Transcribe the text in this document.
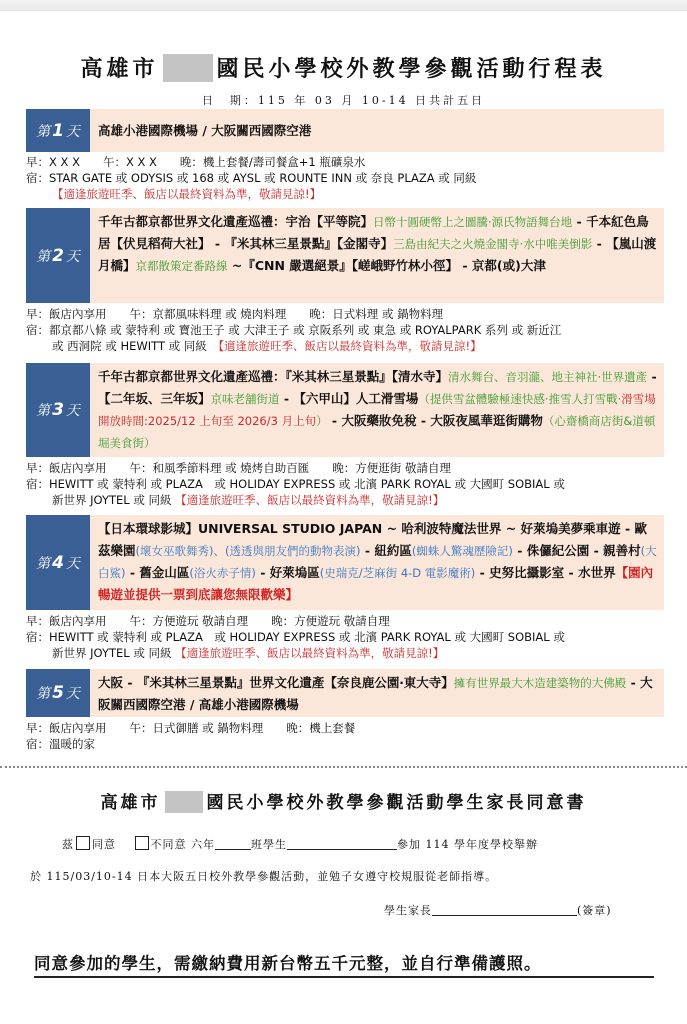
高雄市	國民小學校外教學參觀活動行程表
日　期：115 年 03 月 10-14 日共計五日
第 1 天 高雄小港國際機場 / 大阪關西國際空港
早：X X X　　午：X X X　　晚：機上套餐/壽司餐盒+1 瓶礦泉水
宿：STAR GATE 或 ODYSIS 或 168 或 AYSL 或 ROUNTE INN 或 奈良 PLAZA 或 同級
【適逢旅遊旺季、飯店以最終資料為準，敬請見諒!】
第 2 天
千年古都京都世界文化遺產巡禮：宇治【平等院】日幣十圓硬幣上之圖騰‧源氏物語舞台地 - 千本紅色鳥居【伏見稻荷大社】 - 『米其林三星景點』【金閣寺】三島由紀夫之火燒金閣寺‧水中唯美倒影 - 【嵐山渡月橋】京都散策定番路線 ~『CNN 嚴選絕景』【嵯峨野竹林小徑】 - 京都(或)大津
早：飯店內享用　　午：京都風味料理 或 燒肉料理　　晚：日式料理 或 鍋物料理
宿：都京都八條 或 蒙特利 或 寶池王子 或 大津王子 或 京阪系列 或 東急 或 ROYALPARK 系列 或 新近江
或 西洞院 或 HEWITT 或 同級　 【適逢旅遊旺季、飯店以最終資料為準，敬請見諒!】
第 3 天
千年古都京都世界文化遺產巡禮：『米其林三星景點』【清水寺】清水舞台、音羽瀧、地主神社‧世界遺產 - 【二年坂、三年坂】京味老舖街道 - 【六甲山】人工滑雪場（提供雪盆體驗極速快感‧推雪人打雪戰‧滑雪場開放時間:2025/12 上旬至 2026/3 月上旬） - 大阪藥妝免稅 - 大阪夜風華逛街購物（心齋橋商店街&道頓堀美食街）
早：飯店內享用　　午：和風季節料理 或 燒烤自助百匯　　晚：方便逛街 敬請自理
宿：HEWITT 或 蒙特利 或 PLAZA　或 HOLIDAY EXPRESS 或 北濱 PARK ROYAL 或 大國町 SOBIAL 或
新世界 JOYTEL 或 同級 【適逢旅遊旺季、飯店以最終資料為準，敬請見諒!】
第 4 天
【日本環球影城】UNIVERSAL STUDIO JAPAN ~ 哈利波特魔法世界 ~ 好萊塢美夢乘車遊 - 歐茲樂園(壞女巫歌舞秀)、(透透與朋友們的動物表演) - 紐約區(蜘蛛人驚魂歷險記) - 侏儸紀公園 - 親善村(大白鯊) - 舊金山區(浴火赤子情) - 好萊塢區(史瑞克/芝麻街 4-D 電影魔術) - 史努比攝影室 - 水世界【園內暢遊並提供一票到底讓您無限歡樂】
早：飯店內享用　　午：方便遊玩 敬請自理　　晚：方便遊玩 敬請自理
宿：HEWITT 或 蒙特利 或 PLAZA　或 HOLIDAY EXPRESS 或 北濱 PARK ROYAL 或 大國町 SOBIAL 或
新世界 JOYTEL 或 同級 【適逢旅遊旺季、飯店以最終資料為準，敬請見諒!】
第 5 天
大阪 - 『米其林三星景點』世界文化遺產【奈良鹿公園‧東大寺】擁有世界最大木造建築物的大佛殿 - 大阪關西國際空港 / 高雄小港國際機場
早：飯店內享用　　午：日式御膳 或 鍋物料理　　晚：機上套餐
宿：溫暖的家
高雄市	國民小學校外教學參觀活動學生家長同意書
茲 同意 　	不同意 六年	班學生	參加 114 學年度學校舉辦
於 115/03/10-14 日本大阪五日校外教學參觀活動，並勉子女遵守校規服從老師指導。
學生家長	(簽章)
同意參加的學生，需繳納費用新台幣五千元整，並自行準備護照。
